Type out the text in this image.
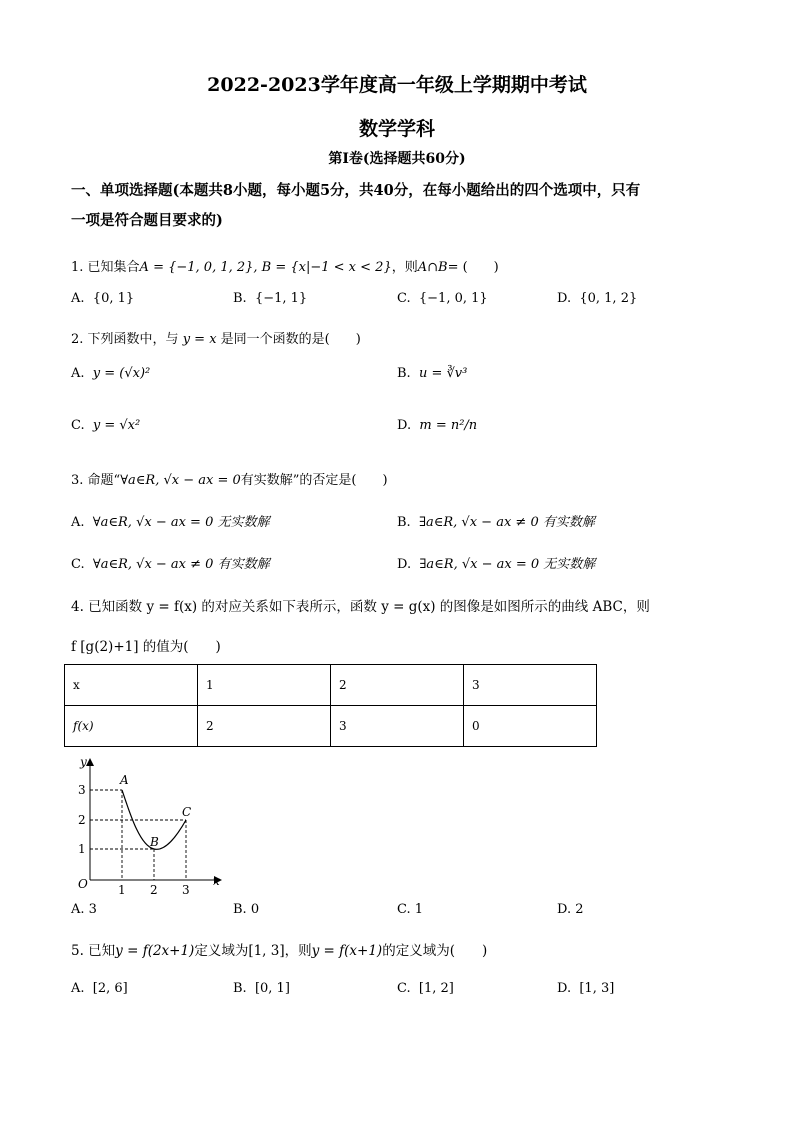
2022-2023学年度高一年级上学期期中考试
数学学科
第Ⅰ卷(选择题共60分)
一、单项选择题(本题共8小题，每小题5分，共40分，在每小题给出的四个选项中，只有
一项是符合题目要求的)
1. 已知集合A = {−1, 0, 1, 2}, B = {x|−1 < x < 2}，则A∩B= (　　)
A. {0, 1}	B. {−1, 1}	C. {−1, 0, 1}	D. {0, 1, 2}
2. 下列函数中，与 y = x 是同一个函数的是(　　)
A. y = (√x)²	B. u = ∛v³
C. y = √x²	D. m = n²/n
3. 命题“∀a∈R, √x − ax = 0有实数解”的否定是(　　)
A. ∀a∈R, √x − ax = 0 无实数解	B. ∃a∈R, √x − ax ≠ 0 有实数解
C. ∀a∈R, √x − ax ≠ 0 有实数解	D. ∃a∈R, √x − ax = 0 无实数解
4. 已知函数 y = f(x) 的对应关系如下表所示，函数 y = g(x) 的图像是如图所示的曲线 ABC，则
f [g(2)+1] 的值为(　　)
x	1	2	3
f(x)	2	3	0
y
x
O	1 2 3
1
2
3
A
B
C
A. 3	B. 0	C. 1	D. 2
5. 已知y = f(2x+1)定义域为[1, 3]，则y = f(x+1)的定义域为(　　)
A. [2, 6]	B. [0, 1]	C. [1, 2]	D. [1, 3]
